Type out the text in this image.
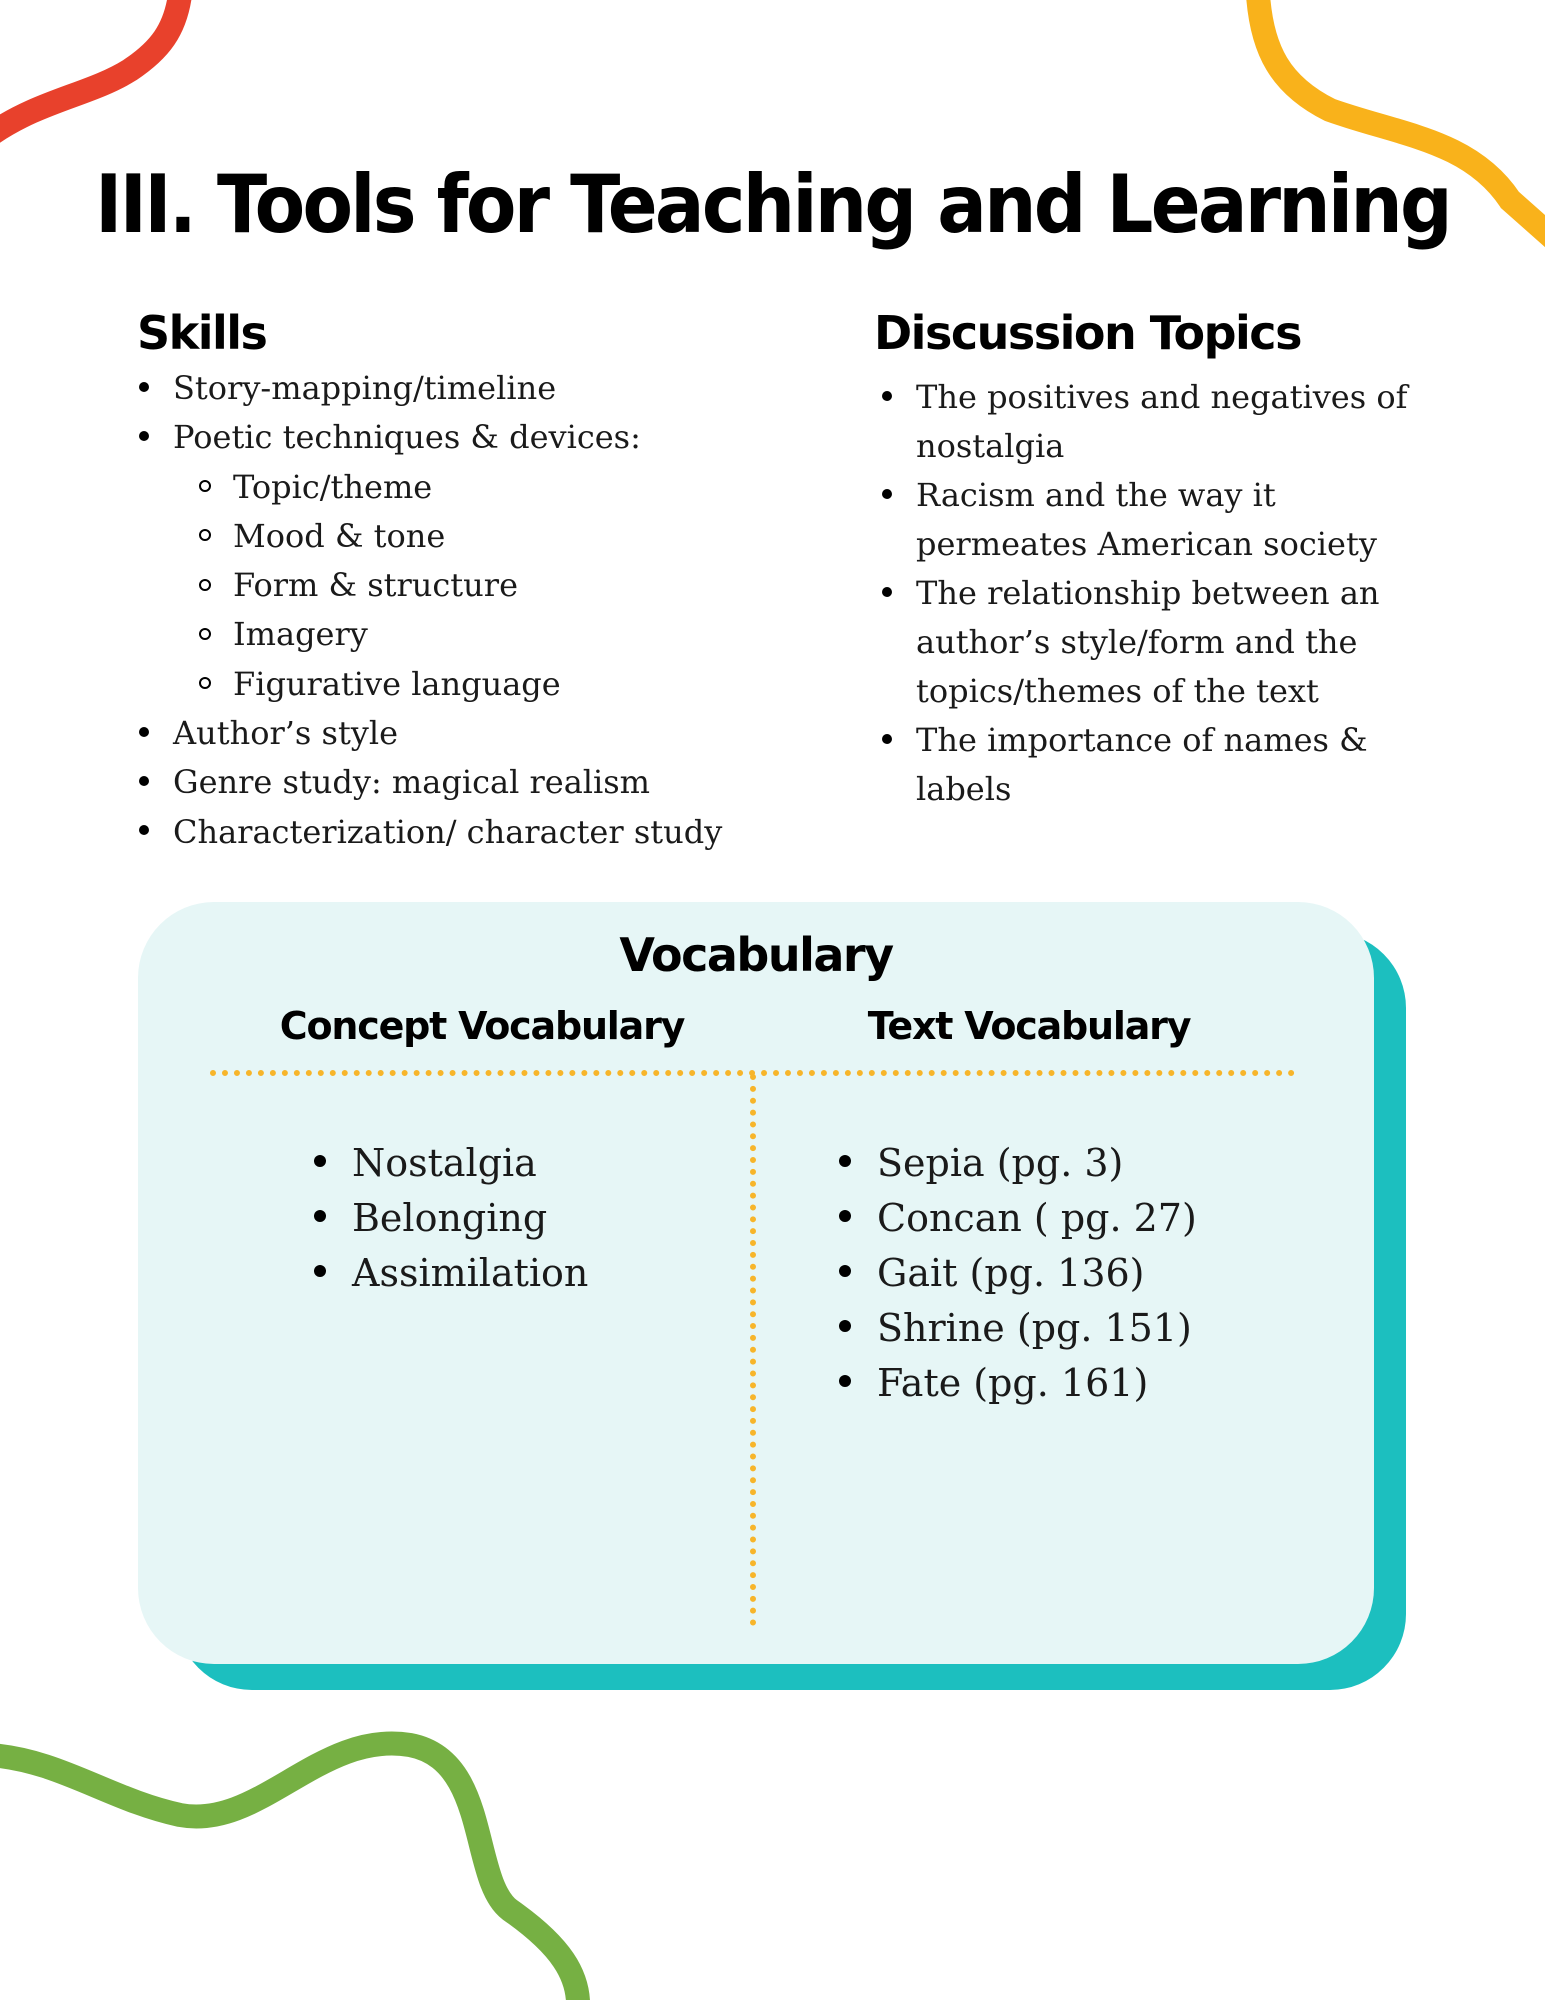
III. Tools for Teaching and Learning
Skills
Story-mapping/timeline
Poetic techniques & devices:
Topic/theme
Mood & tone
Form & structure
Imagery
Figurative language
Author’s style
Genre study: magical realism
Characterization/ character study
Discussion Topics
The positives and negatives of nostalgia
Racism and the way it permeates American society
The relationship between an author’s style/form and the topics/themes of the text
The importance of names & labels
Vocabulary
Concept Vocabulary	Text Vocabulary
Nostalgia
Belonging
Assimilation
Sepia (pg. 3)
Concan ( pg. 27)
Gait (pg. 136)
Shrine (pg. 151)
Fate (pg. 161)
